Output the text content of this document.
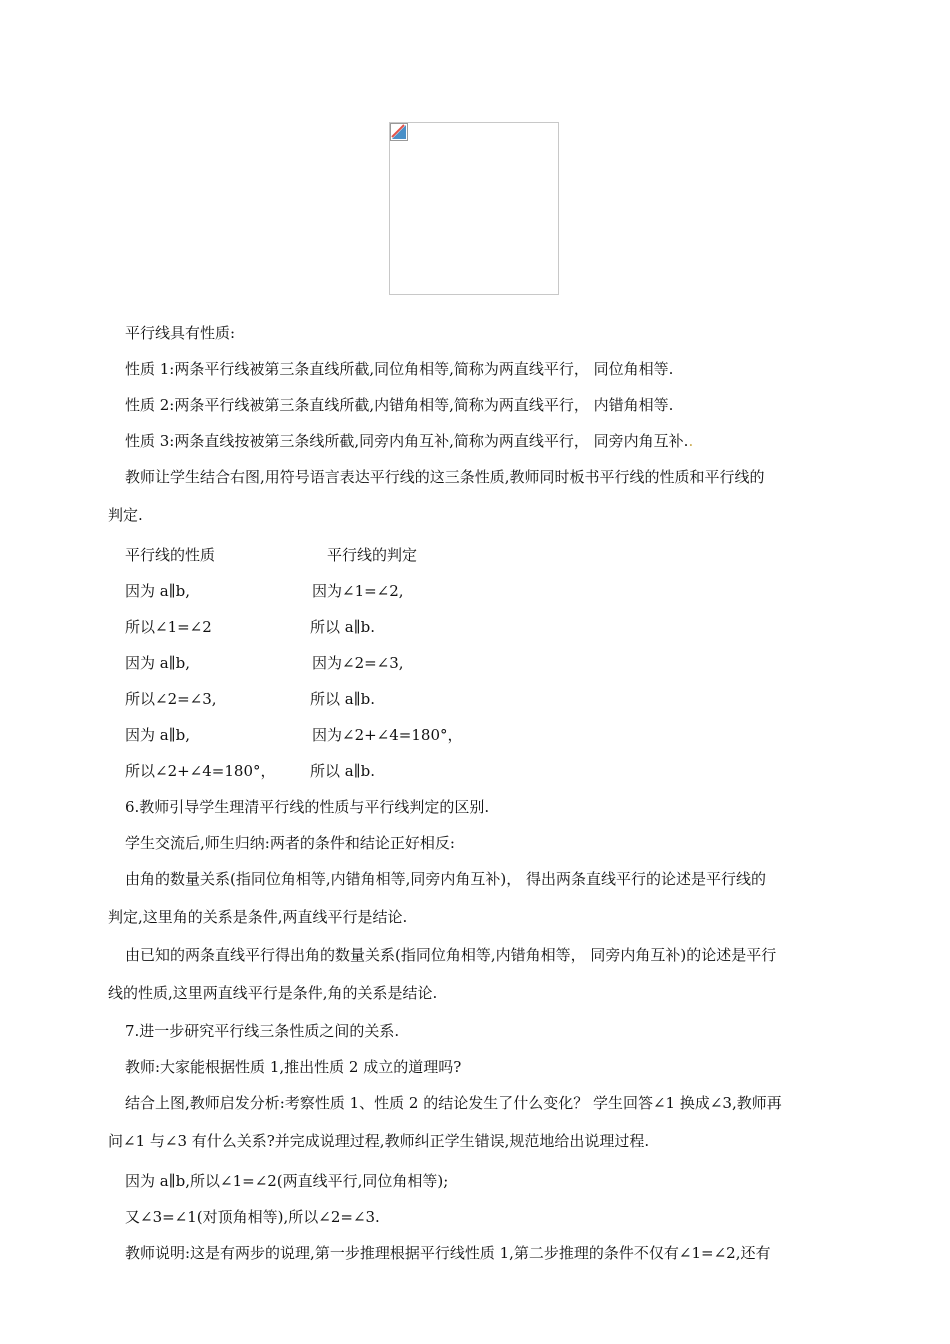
平行线具有性质:
性质 1:两条平行线被第三条直线所截,同位角相等,简称为两直线平行， 同位角相等.
性质 2:两条平行线被第三条直线所截,内错角相等,简称为两直线平行， 内错角相等.
性质 3:两条直线按被第三条线所截,同旁内角互补,简称为两直线平行， 同旁内角互补..
教师让学生结合右图,用符号语言表达平行线的这三条性质,教师同时板书平行线的性质和平行线的
判定.
平行线的性质	平行线的判定
因为 a∥b,	因为∠1=∠2,
所以∠1=∠2	所以 a∥b.
因为 a∥b,	因为∠2=∠3,
所以∠2=∠3,	所以 a∥b.
因为 a∥b,	因为∠2+∠4=180°，
所以∠2+∠4=180°， 所以 a∥b.
6.教师引导学生理清平行线的性质与平行线判定的区别.
学生交流后,师生归纳:两者的条件和结论正好相反:
由角的数量关系(指同位角相等,内错角相等,同旁内角互补)， 得出两条直线平行的论述是平行线的
判定,这里角的关系是条件,两直线平行是结论.
由已知的两条直线平行得出角的数量关系(指同位角相等,内错角相等， 同旁内角互补)的论述是平行
线的性质,这里两直线平行是条件,角的关系是结论.
7.进一步研究平行线三条性质之间的关系.
教师:大家能根据性质 1,推出性质 2 成立的道理吗?
结合上图,教师启发分析:考察性质 1、性质 2 的结论发生了什么变化？ 学生回答∠1 换成∠3,教师再
问∠1 与∠3 有什么关系?并完成说理过程,教师纠正学生错误,规范地给出说理过程.
因为 a∥b,所以∠1=∠2(两直线平行,同位角相等);
又∠3=∠1(对顶角相等),所以∠2=∠3.
教师说明:这是有两步的说理,第一步推理根据平行线性质 1,第二步推理的条件不仅有∠1=∠2,还有
